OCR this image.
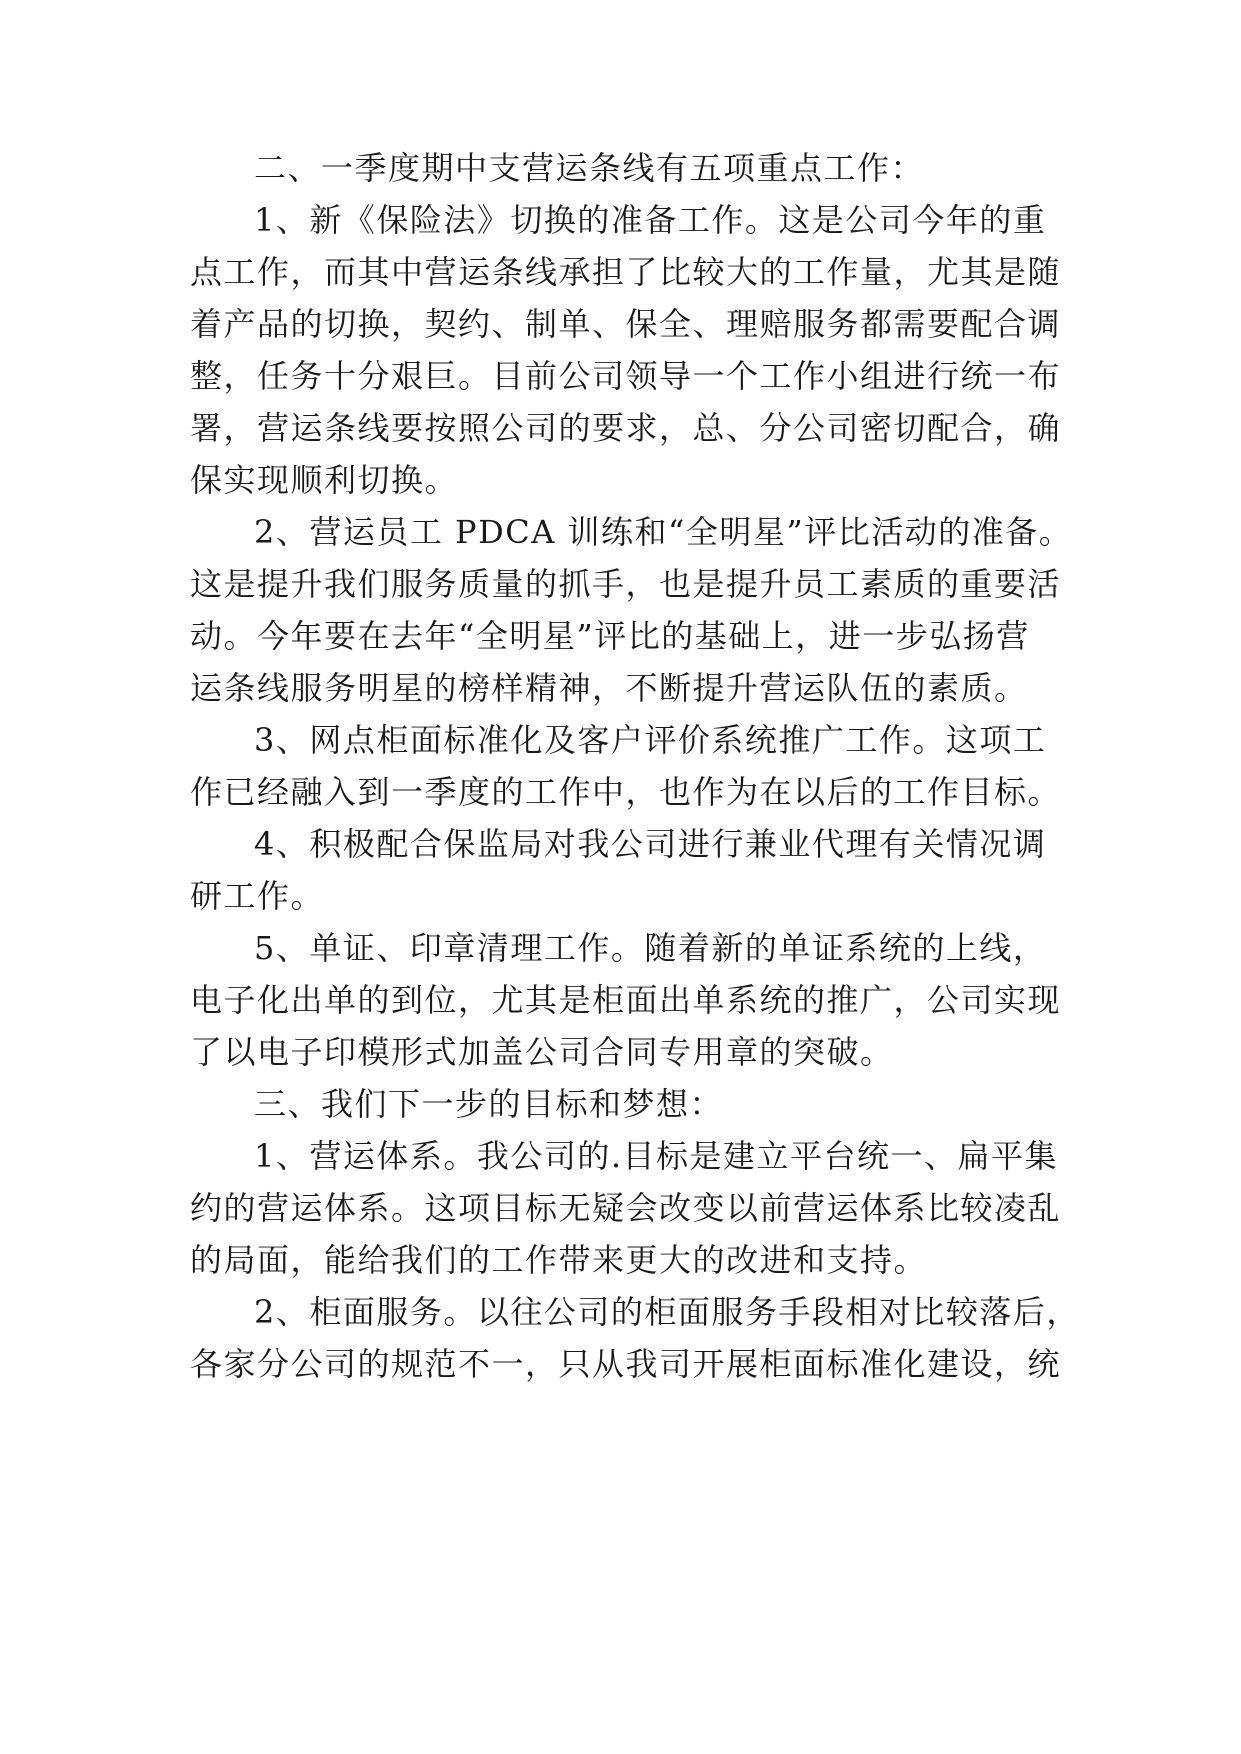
二、一季度期中支营运条线有五项重点工作：
1、新《保险法》切换的准备工作。这是公司今年的重
点工作，而其中营运条线承担了比较大的工作量，尤其是随
着产品的切换，契约、制单、保全、理赔服务都需要配合调
整，任务十分艰巨。目前公司领导一个工作小组进行统一布
署，营运条线要按照公司的要求，总、分公司密切配合，确
保实现顺利切换。
2、营运员工 PDCA 训练和“全明星”评比活动的准备。
这是提升我们服务质量的抓手，也是提升员工素质的重要活
动。今年要在去年“全明星”评比的基础上，进一步弘扬营
运条线服务明星的榜样精神，不断提升营运队伍的素质。
3、网点柜面标准化及客户评价系统推广工作。这项工
作已经融入到一季度的工作中，也作为在以后的工作目标。
4、积极配合保监局对我公司进行兼业代理有关情况调
研工作。
5、单证、印章清理工作。随着新的单证系统的上线，
电子化出单的到位，尤其是柜面出单系统的推广，公司实现
了以电子印模形式加盖公司合同专用章的突破。
三、我们下一步的目标和梦想：
1、营运体系。我公司的.目标是建立平台统一、扁平集
约的营运体系。这项目标无疑会改变以前营运体系比较凌乱
的局面，能给我们的工作带来更大的改进和支持。
2、柜面服务。以往公司的柜面服务手段相对比较落后，
各家分公司的规范不一，只从我司开展柜面标准化建设，统
